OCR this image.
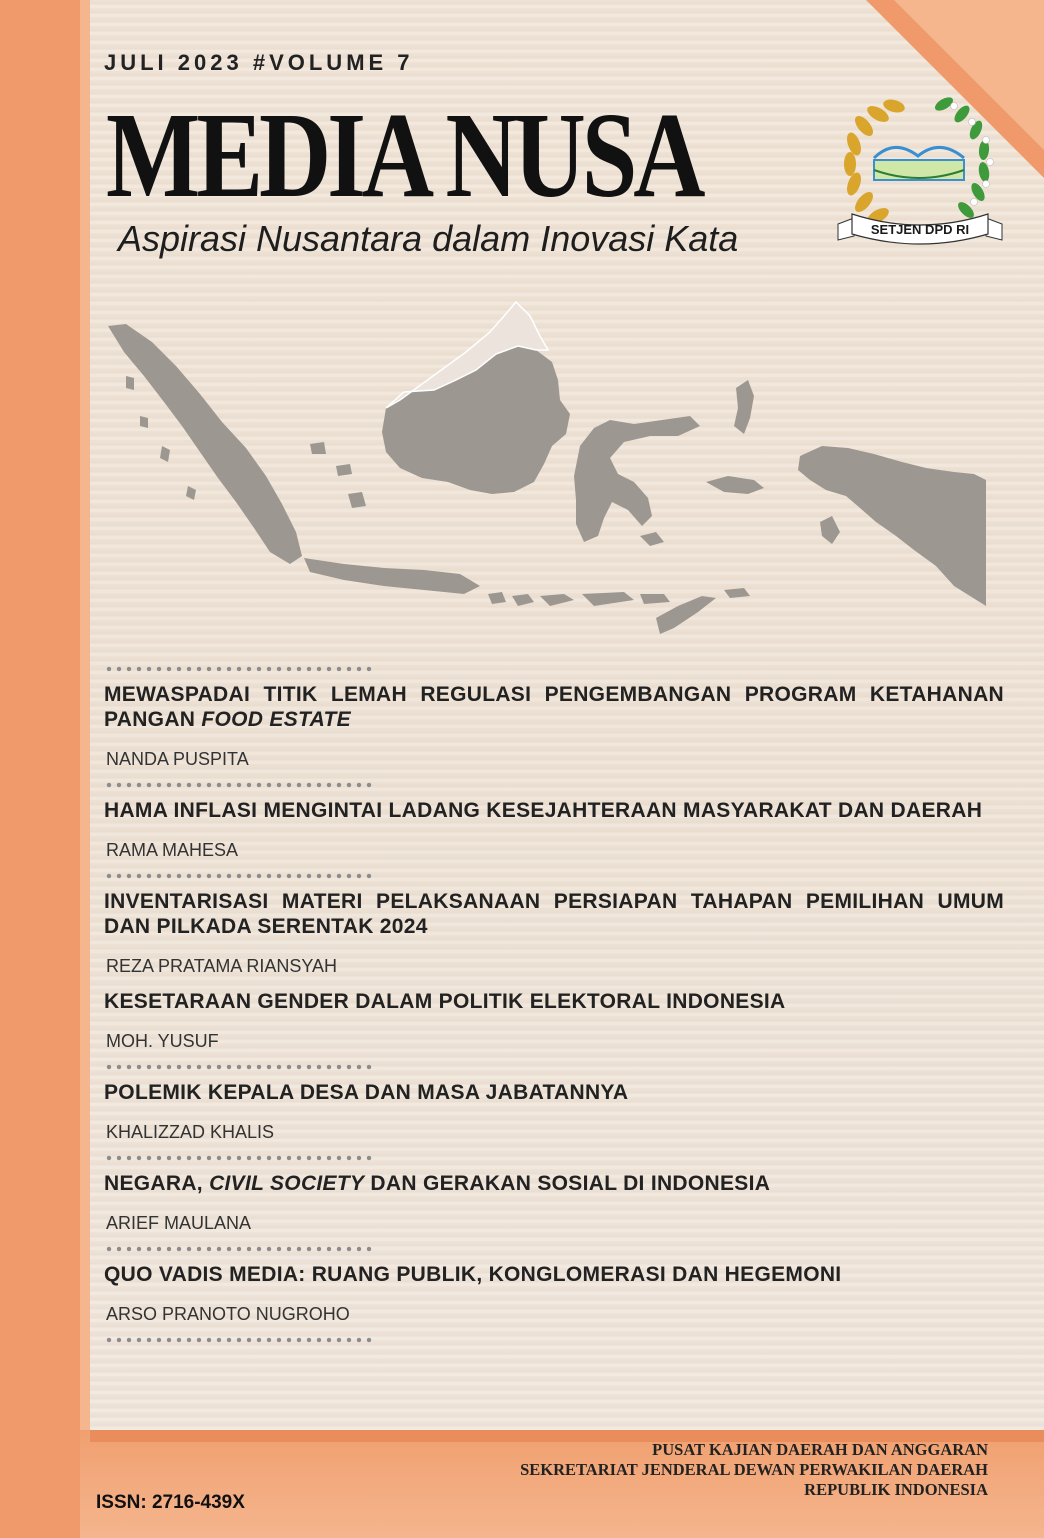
JULI 2023 #VOLUME 7
MEDIA NUSA
Aspirasi Nusantara dalam Inovasi Kata	SETJEN DPD RI
MEWASPADAI TITIK LEMAH REGULASI PENGEMBANGAN PROGRAM KETAHANAN PANGAN FOOD ESTATE
NANDA PUSPITA
HAMA INFLASI MENGINTAI LADANG KESEJAHTERAAN MASYARAKAT DAN DAERAH
RAMA MAHESA
INVENTARISASI MATERI PELAKSANAAN PERSIAPAN TAHAPAN PEMILIHAN UMUM DAN PILKADA SERENTAK 2024
REZA PRATAMA RIANSYAH
KESETARAAN GENDER DALAM POLITIK ELEKTORAL INDONESIA
MOH. YUSUF
POLEMIK KEPALA DESA DAN MASA JABATANNYA
KHALIZZAD KHALIS
NEGARA, CIVIL SOCIETY DAN GERAKAN SOSIAL DI INDONESIA
ARIEF MAULANA
QUO VADIS MEDIA: RUANG PUBLIK, KONGLOMERASI DAN HEGEMONI
ARSO PRANOTO NUGROHO
PUSAT KAJIAN DAERAH DAN ANGGARAN
SEKRETARIAT JENDERAL DEWAN PERWAKILAN DAERAH
REPUBLIK INDONESIA
ISSN: 2716-439X
